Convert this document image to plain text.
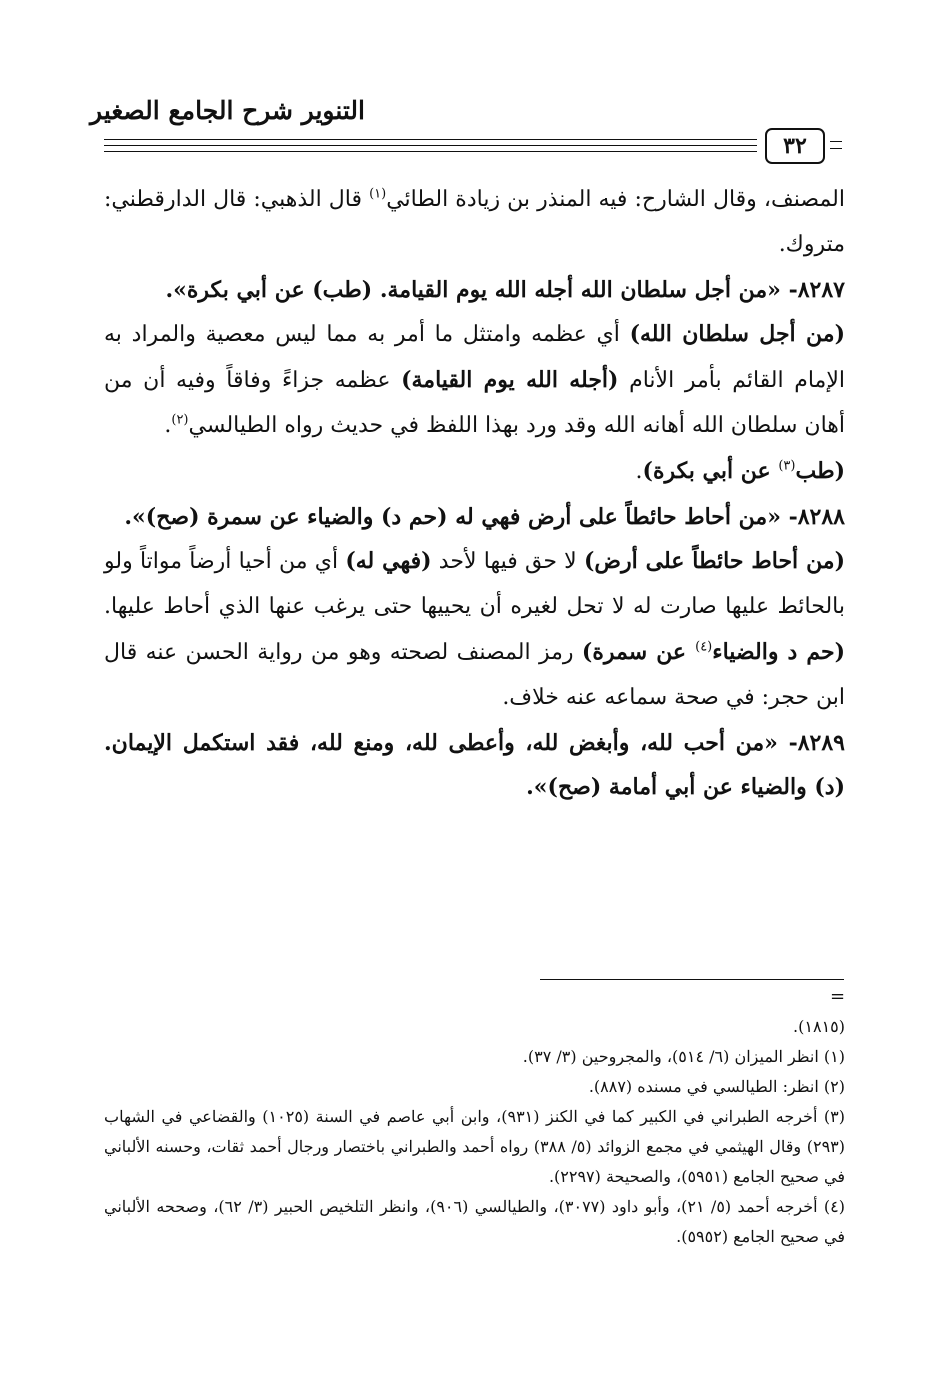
التنوير شرح الجامع الصغير
٣٢

المصنف، وقال الشارح: فيه المنذر بن زيادة الطائي$^{(١)}$ قال الذهبي: قال الدارقطني: متروك.

٨٢٨٧- «من أجل سلطان الله أجله الله يوم القيامة. (طب) عن أبي بكرة».

(من أجل سلطان الله) أي عظمه وامتثل ما أمر به مما ليس معصية والمراد به الإمام القائم بأمر الأنام (أجله الله يوم القيامة) عظمه جزاءً وفاقاً وفيه أن من أهان سلطان الله أهانه الله وقد ورد بهذا اللفظ في حديث رواه الطيالسي$^{(٢)}$.

(طب$^{(٣)}$ عن أبي بكرة).

٨٢٨٨- «من أحاط حائطاً على أرض فهي له (حم د) والضياء عن سمرة (صح)».

(من أحاط حائطاً على أرض) لا حق فيها لأحد (فهي له) أي من أحيا أرضاً مواتاً ولو بالحائط عليها صارت له لا تحل لغيره أن يحييها حتى يرغب عنها الذي أحاط عليها. (حم د والضياء$^{(٤)}$ عن سمرة) رمز المصنف لصحته وهو من رواية الحسن عنه قال ابن حجر: في صحة سماعه عنه خلاف.

٨٢٨٩- «من أحب لله، وأبغض لله، وأعطى لله، ومنع لله، فقد استكمل الإيمان. (د) والضياء عن أبي أمامة (صح)».

=

(١٨١٥).

(١) انظر الميزان (٦/ ٥١٤)، والمجروحين (٣/ ٣٧).

(٢) انظر: الطيالسي في مسنده (٨٨٧).

(٣) أخرجه الطبراني في الكبير كما في الكنز (٩٣١)، وابن أبي عاصم في السنة (١٠٢٥) والقضاعي في الشهاب (٢٩٣) وقال الهيثمي في مجمع الزوائد (٥/ ٣٨٨) رواه أحمد والطبراني باختصار ورجال أحمد ثقات، وحسنه الألباني في صحيح الجامع (٥٩٥١)، والصحيحة (٢٢٩٧).

(٤) أخرجه أحمد (٥/ ٢١)، وأبو داود (٣٠٧٧)، والطيالسي (٩٠٦)، وانظر التلخيص الحبير (٣/ ٦٢)، وصححه الألباني في صحيح الجامع (٥٩٥٢).
